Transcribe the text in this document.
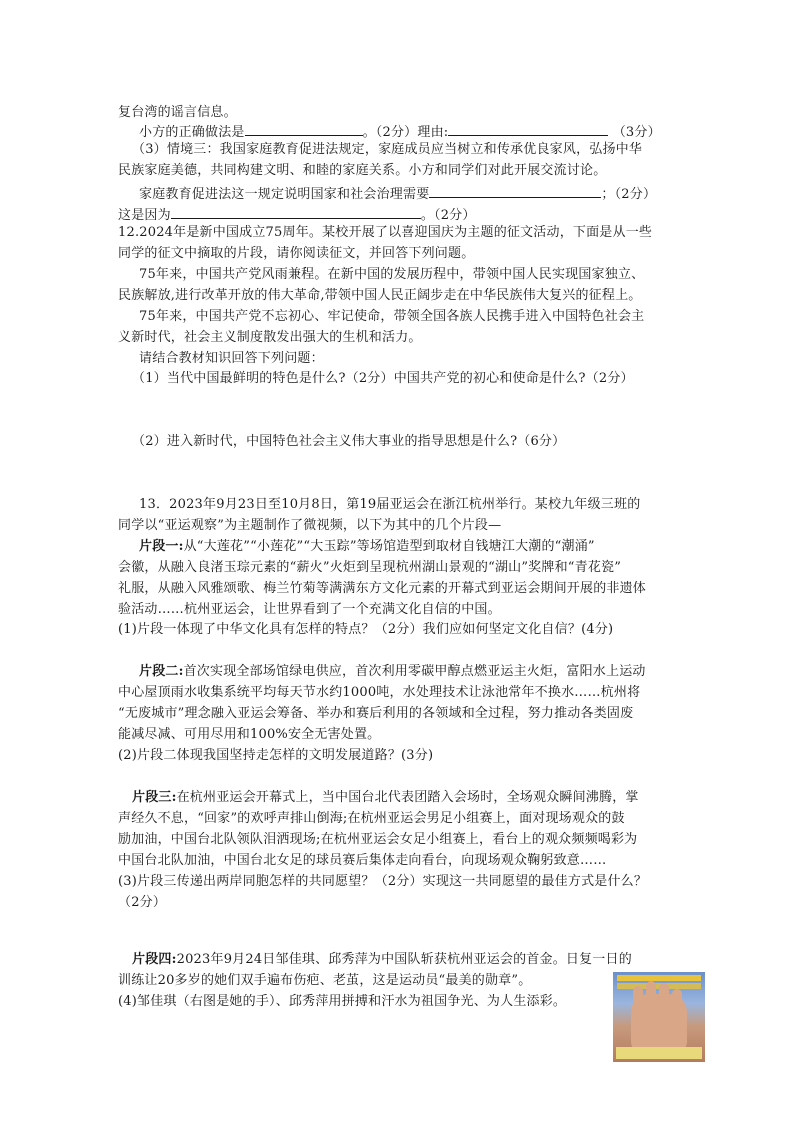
复台湾的谣言信息。
小方的正确做法是	。（2分）理由:	（3分）
（3）情境三：我国家庭教育促进法规定，家庭成员应当树立和传承优良家风，弘扬中华
民族家庭美德，共同构建文明、和睦的家庭关系。小方和同学们对此开展交流讨论。
家庭教育促进法这一规定说明国家和社会治理需要	；（2分）
这是因为	。（2分）
12.2024年是新中国成立75周年。某校开展了以喜迎国庆为主题的征文活动，下面是从一些
同学的征文中摘取的片段，请你阅读征文，并回答下列问题。
75年来，中国共产党风雨兼程。在新中国的发展历程中，带领中国人民实现国家独立、
民族解放,进行改革开放的伟大革命,带领中国人民正阔步走在中华民族伟大复兴的征程上。
75年来，中国共产党不忘初心、牢记使命，带领全国各族人民携手进入中国特色社会主
义新时代，社会主义制度散发出强大的生机和活力。
请结合教材知识回答下列问题：
（1）当代中国最鲜明的特色是什么?（2分）中国共产党的初心和使命是什么?（2分）
（2）进入新时代，中国特色社会主义伟大事业的指导思想是什么?（6分）
13．2023年9月23日至10月8日，第19届亚运会在浙江杭州举行。某校九年级三班的
同学以“亚运观察”为主题制作了微视频，以下为其中的几个片段—
片段一:从“大莲花”“小莲花”“大玉踪”等场馆造型到取材自钱塘江大潮的“潮涌”
会徽，从融入良渚玉琮元素的“薪火”火炬到呈现杭州湖山景观的“湖山”奖牌和“青花瓷”
礼服，从融入风雅颂歌、梅兰竹菊等满满东方文化元素的开幕式到亚运会期间开展的非遗体
验活动……杭州亚运会，让世界看到了一个充满文化自信的中国。
(1)片段一体现了中华文化具有怎样的特点？（2分）我们应如何坚定文化自信？(4分)
片段二:首次实现全部场馆绿电供应，首次利用零碳甲醇点燃亚运主火炬，富阳水上运动
中心屋顶雨水收集系统平均每天节水约1000吨，水处理技术让泳池常年不换水……杭州将
“无废城市”理念融入亚运会筹备、举办和赛后利用的各领域和全过程，努力推动各类固废
能减尽减、可用尽用和100%安全无害处置。
(2)片段二体现我国坚持走怎样的文明发展道路？(3分)
片段三:在杭州亚运会开幕式上，当中国台北代表团踏入会场时，全场观众瞬间沸腾，掌
声经久不息，“回家”的欢呼声排山倒海;在杭州亚运会男足小组赛上，面对现场观众的鼓
励加油，中国台北队领队泪洒现场;在杭州亚运会女足小组赛上，看台上的观众频频喝彩为
中国台北队加油，中国台北女足的球员赛后集体走向看台，向现场观众鞠躬致意……
(3)片段三传递出两岸同胞怎样的共同愿望？（2分）实现这一共同愿望的最佳方式是什么？
（2分）
片段四:2023年9月24日邹佳琪、邱秀萍为中国队斩获杭州亚运会的首金。日复一日的
训练让20多岁的她们双手遍布伤疤、老茧，这是运动员“最美的勋章”。
(4)邹佳琪（右图是她的手）、邱秀萍用拼搏和汗水为祖国争光、为人生添彩。
